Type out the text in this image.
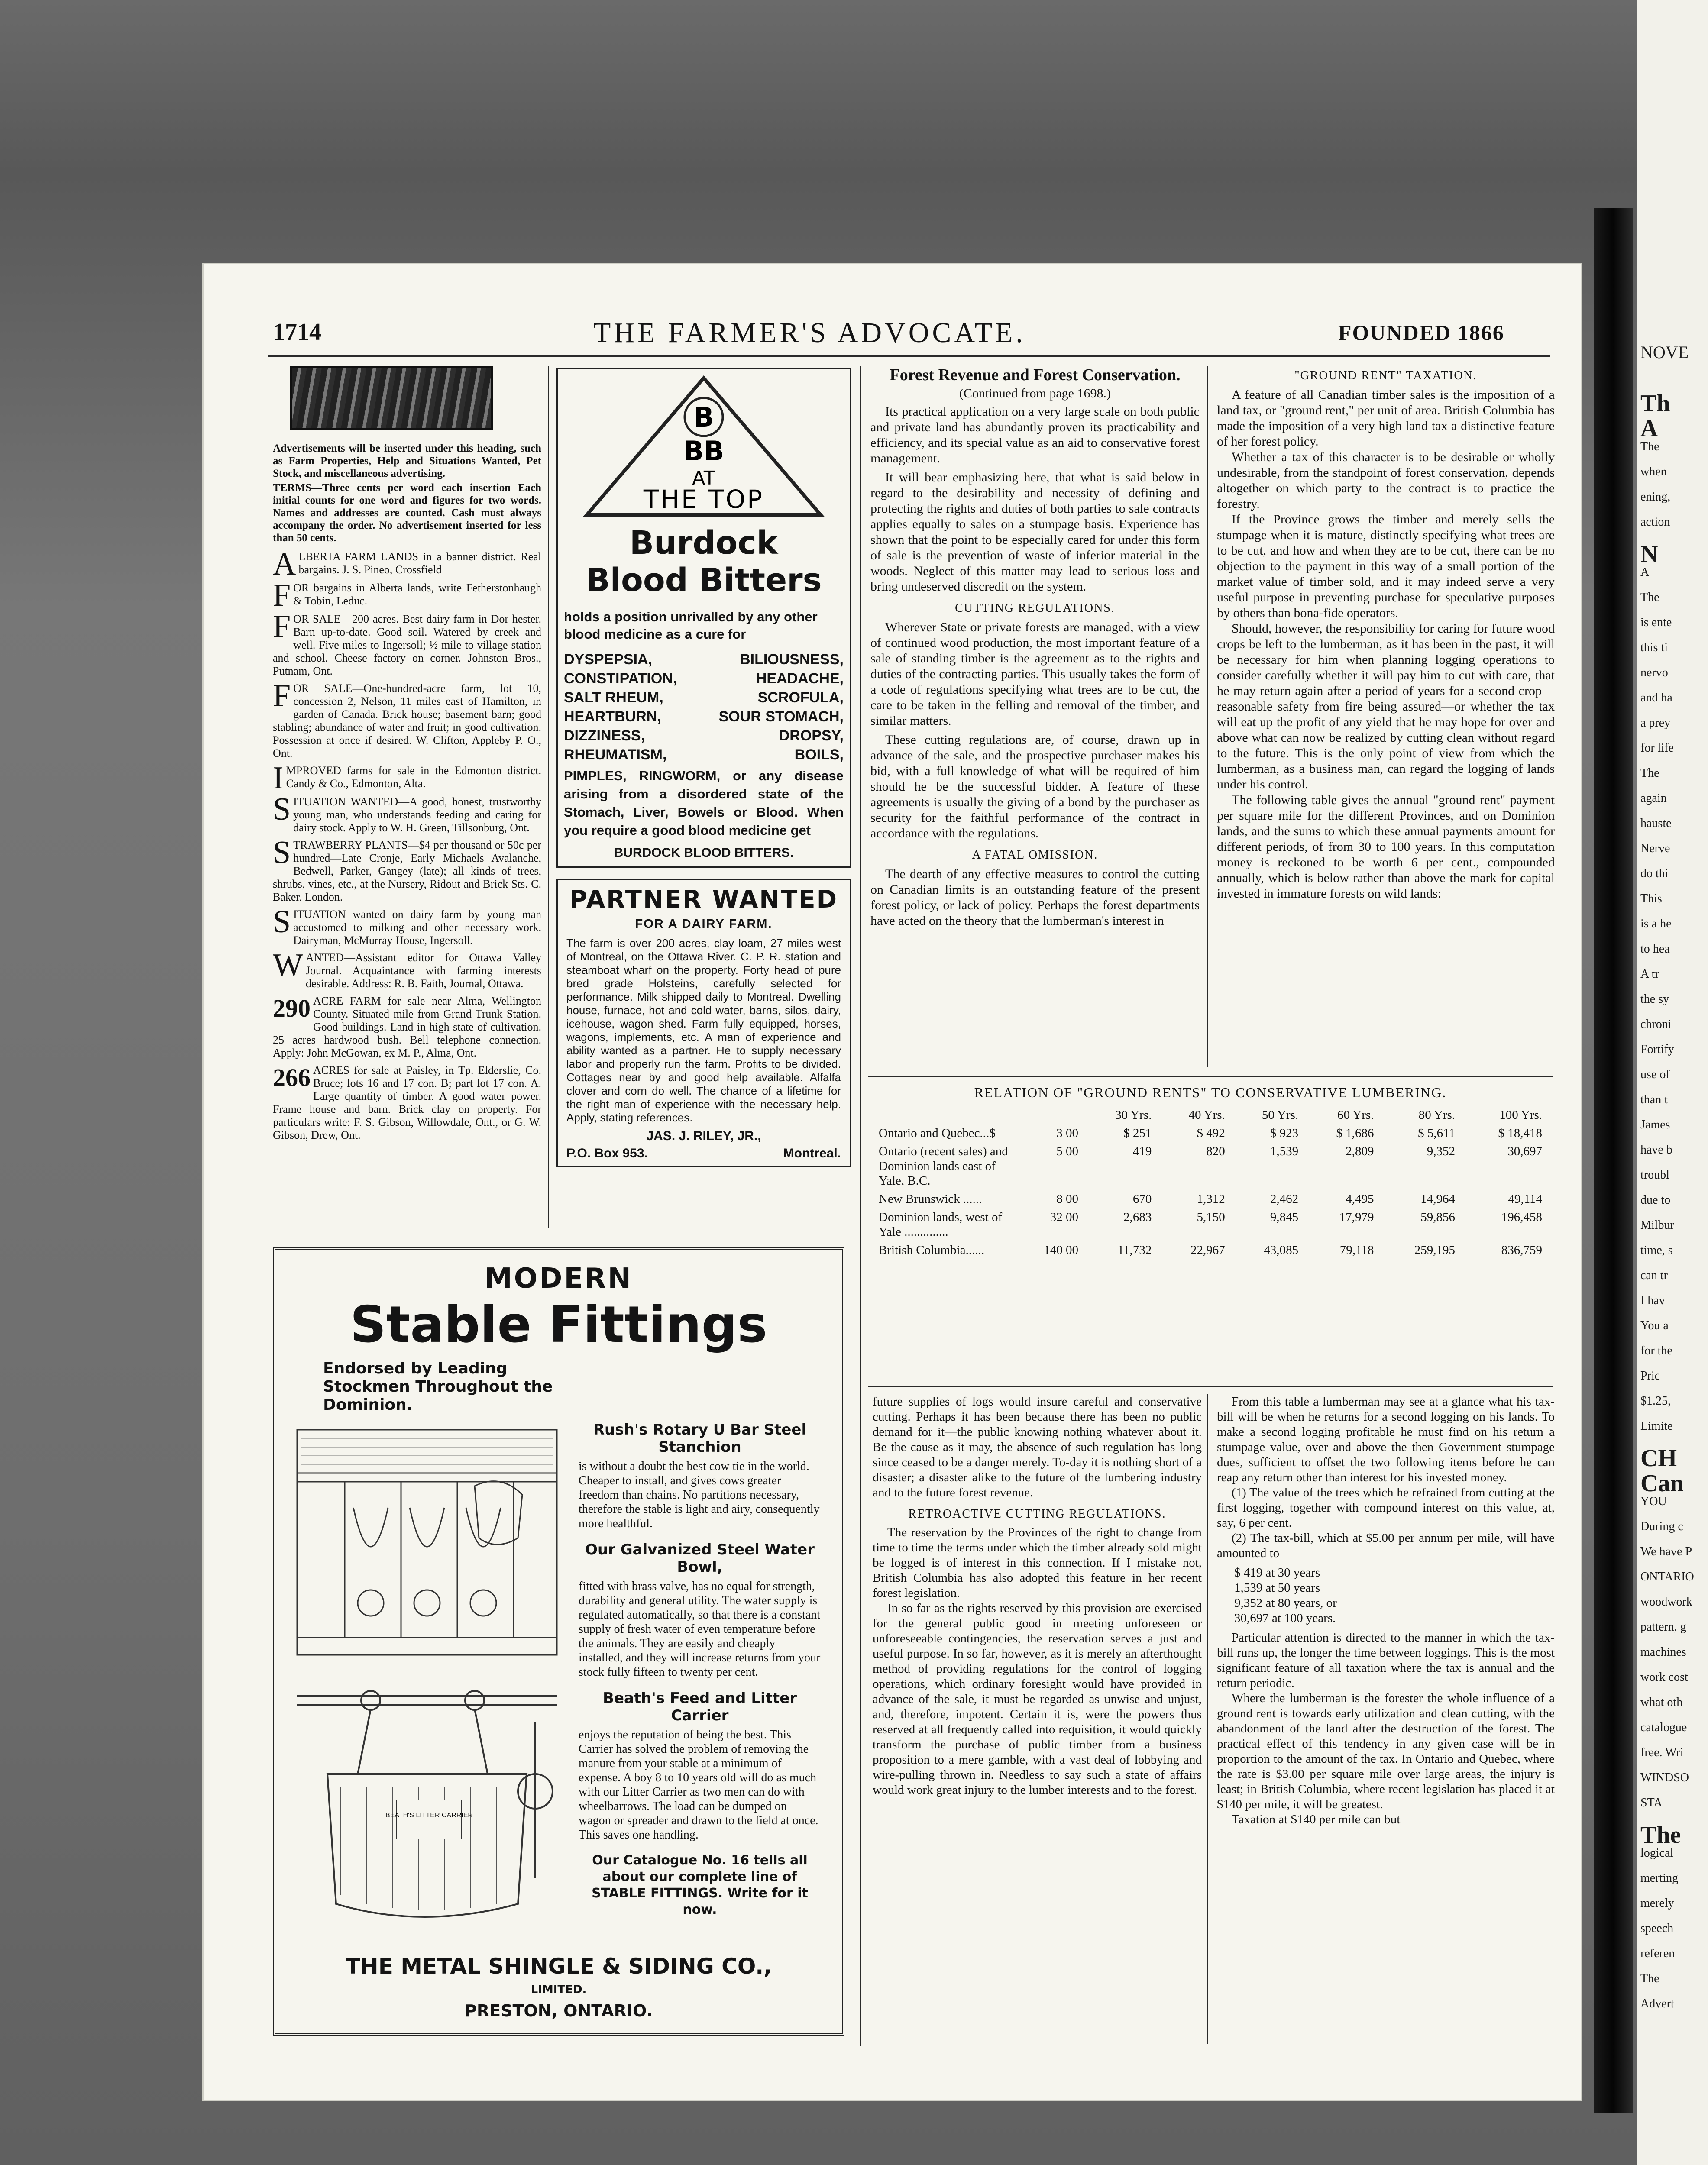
NOVE
Th
A
The
when
ening,
action
N
A
The
is ente
this ti
nervo
and ha
a prey
for life
The
again
hauste
Nerve
do thi
This
is a he
to hea
A tr
the sy
chroni
Fortify
use of
than t
James
have b
troubl
due to
Milbur
time, s
can tr
I hav
You a
for the
Pric
$1.25,
Limite
CH
Can
YOU
During c
We have P
ONTARIO
woodwork
pattern, g
machines
work cost
what oth
catalogue
free. Wri
WINDSO
STA
The
logical
merting
merely
speech
referen
The
Advert
1714	THE FARMER'S ADVOCATE.	FOUNDED 1866
Advertisements will be inserted under this heading, such as Farm Properties, Help and Situations Wanted, Pet Stock, and miscellaneous advertising.
TERMS—Three cents per word each insertion Each initial counts for one word and figures for two words. Names and addresses are counted. Cash must always accompany the order. No advertisement inserted for less than 50 cents.
ALBERTA FARM LANDS in a banner district. Real bargains. J. S. Pineo, Crossfield
FOR bargains in Alberta lands, write Fetherstonhaugh & Tobin, Leduc.
FOR SALE—200 acres. Best dairy farm in Dor hester. Barn up-to-date. Good soil. Watered by creek and well. Five miles to Ingersoll; ½ mile to village station and school. Cheese factory on corner. Johnston Bros., Putnam, Ont.
FOR SALE—One-hundred-acre farm, lot 10, concession 2, Nelson, 11 miles east of Hamilton, in garden of Canada. Brick house; basement barn; good stabling; abundance of water and fruit; in good cultivation. Possession at once if desired. W. Clifton, Appleby P. O., Ont.
IMPROVED farms for sale in the Edmonton district. Candy & Co., Edmonton, Alta.
SITUATION WANTED—A good, honest, trustworthy young man, who understands feeding and caring for dairy stock. Apply to W. H. Green, Tillsonburg, Ont.
STRAWBERRY PLANTS—$4 per thousand or 50c per hundred—Late Cronje, Early Michaels Avalanche, Bedwell, Parker, Gangey (late); all kinds of trees, shrubs, vines, etc., at the Nursery, Ridout and Brick Sts. C. Baker, London.
SITUATION wanted on dairy farm by young man accustomed to milking and other necessary work. Dairyman, McMurray House, Ingersoll.
WANTED—Assistant editor for Ottawa Valley Journal. Acquaintance with farming interests desirable. Address: R. B. Faith, Journal, Ottawa.
290 ACRE FARM for sale near Alma, Wellington County. Situated mile from Grand Trunk Station. Good buildings. Land in high state of cultivation. 25 acres hardwood bush. Bell telephone connection. Apply: John McGowan, ex M. P., Alma, Ont.
266 ACRES for sale at Paisley, in Tp. Elderslie, Co. Bruce; lots 16 and 17 con. B; part lot 17 con. A. Large quantity of timber. A good water power. Frame house and barn. Brick clay on property. For particulars write: F. S. Gibson, Willowdale, Ont., or G. W. Gibson, Drew, Ont.
B
BB
AT
THE TOP
Burdock
Blood Bitters
holds a position unrivalled by any other blood medicine as a cure for
DYSPEPSIA,	BILIOUSNESS,
CONSTIPATION,	HEADACHE,
SALT RHEUM,	SCROFULA,
HEARTBURN,	SOUR STOMACH,
DIZZINESS,	DROPSY,
RHEUMATISM,	BOILS,
PIMPLES, RINGWORM, or any disease arising from a disordered state of the Stomach, Liver, Bowels or Blood. When you require a good blood medicine get
BURDOCK BLOOD BITTERS.
PARTNER WANTED
FOR A DAIRY FARM.
The farm is over 200 acres, clay loam, 27 miles west of Montreal, on the Ottawa River. C. P. R. station and steamboat wharf on the property. Forty head of pure bred grade Holsteins, carefully selected for performance. Milk shipped daily to Montreal. Dwelling house, furnace, hot and cold water, barns, silos, dairy, icehouse, wagon shed. Farm fully equipped, horses, wagons, implements, etc. A man of experience and ability wanted as a partner. He to supply necessary labor and properly run the farm. Profits to be divided. Cottages near by and good help available. Alfalfa clover and corn do well. The chance of a lifetime for the right man of experience with the necessary help. Apply, stating references.
JAS. J. RILEY, JR.,
P.O. Box 953.	Montreal.
MODERN
Stable Fittings
Endorsed by Leading Stockmen Throughout the Dominion.

BEATH'S LITTER CARRIER
Rush's Rotary U Bar Steel Stanchion
is without a doubt the best cow tie in the world. Cheaper to install, and gives cows greater freedom than chains. No partitions necessary, therefore the stable is light and airy, consequently more healthful.
Our Galvanized Steel Water Bowl,
fitted with brass valve, has no equal for strength, durability and general utility. The water supply is regulated automatically, so that there is a constant supply of fresh water of even temperature before the animals. They are easily and cheaply installed, and they will increase returns from your stock fully fifteen to twenty per cent.
Beath's Feed and Litter Carrier
enjoys the reputation of being the best. This Carrier has solved the problem of removing the manure from your stable at a minimum of expense. A boy 8 to 10 years old will do as much with our Litter Carrier as two men can do with wheelbarrows. The load can be dumped on wagon or spreader and drawn to the field at once. This saves one handling.
Our Catalogue No. 16 tells all about our complete line of STABLE FITTINGS. Write for it now.
THE METAL SHINGLE & SIDING CO.,
LIMITED.
PRESTON, ONTARIO.
Forest Revenue and Forest Conservation.
(Continued from page 1698.)

Its practical application on a very large scale on both public and private land has abundantly proven its practicability and efficiency, and its special value as an aid to conservative forest management.

It will bear emphasizing here, that what is said below in regard to the desirability and necessity of defining and protecting the rights and duties of both parties to sale contracts applies equally to sales on a stumpage basis. Experience has shown that the point to be especially cared for under this form of sale is the prevention of waste of inferior material in the woods. Neglect of this matter may lead to serious loss and bring undeserved discredit on the system.

CUTTING REGULATIONS.

Wherever State or private forests are managed, with a view of continued wood production, the most important feature of a sale of standing timber is the agreement as to the rights and duties of the contracting parties. This usually takes the form of a code of regulations specifying what trees are to be cut, the care to be taken in the felling and removal of the timber, and similar matters.

These cutting regulations are, of course, drawn up in advance of the sale, and the prospective purchaser makes his bid, with a full knowledge of what will be required of him should he be the successful bidder. A feature of these agreements is usually the giving of a bond by the purchaser as security for the faithful performance of the contract in accordance with the regulations.

A FATAL OMISSION.

The dearth of any effective measures to control the cutting on Canadian limits is an outstanding feature of the present forest policy, or lack of policy. Perhaps the forest departments have acted on the theory that the lumberman's interest in

"GROUND RENT" TAXATION.

A feature of all Canadian timber sales is the imposition of a land tax, or "ground rent," per unit of area. British Columbia has made the imposition of a very high land tax a distinctive feature of her forest policy.

Whether a tax of this character is to be desirable or wholly undesirable, from the standpoint of forest conservation, depends altogether on which party to the contract is to practice the forestry.

If the Province grows the timber and merely sells the stumpage when it is mature, distinctly specifying what trees are to be cut, and how and when they are to be cut, there can be no objection to the payment in this way of a small portion of the market value of timber sold, and it may indeed serve a very useful purpose in preventing purchase for speculative purposes by others than bona-fide operators.

Should, however, the responsibility for caring for future wood crops be left to the lumberman, as it has been in the past, it will be necessary for him when planning logging operations to consider carefully whether it will pay him to cut with care, that he may return again after a period of years for a second crop—reasonable safety from fire being assured—or whether the tax will eat up the profit of any yield that he may hope for over and above what can now be realized by cutting clean without regard to the future. This is the only point of view from which the lumberman, as a business man, can regard the logging of lands under his control.

The following table gives the annual "ground rent" payment per square mile for the different Provinces, and on Dominion lands, and the sums to which these annual payments amount for different periods, of from 30 to 100 years. In this computation money is reckoned to be worth 6 per cent., compounded annually, which is below rather than above the mark for capital invested in immature forests on wild lands:

RELATION OF "GROUND RENTS" TO CONSERVATIVE LUMBERING.
		30 Yrs.	40 Yrs.	50 Yrs.	60 Yrs.	80 Yrs.	100 Yrs.
Ontario and Quebec...$	3 00	$ 251	$ 492	$ 923	$ 1,686	$ 5,611	$ 18,418
Ontario (recent sales) and Dominion lands east of Yale, B.C.	5 00	419	820	1,539	2,809	9,352	30,697
New Brunswick ......	8 00	670	1,312	2,462	4,495	14,964	49,114
Dominion lands, west of Yale ..............	32 00	2,683	5,150	9,845	17,979	59,856	196,458
British Columbia......	140 00	11,732	22,967	43,085	79,118	259,195	836,759

future supplies of logs would insure careful and conservative cutting. Perhaps it has been because there has been no public demand for it—the public knowing nothing whatever about it. Be the cause as it may, the absence of such regulation has long since ceased to be a danger merely. To-day it is nothing short of a disaster; a disaster alike to the future of the lumbering industry and to the future forest revenue.

RETROACTIVE CUTTING REGULATIONS.

The reservation by the Provinces of the right to change from time to time the terms under which the timber already sold might be logged is of interest in this connection. If I mistake not, British Columbia has also adopted this feature in her recent forest legislation.

In so far as the rights reserved by this provision are exercised for the general public good in meeting unforeseen or unforeseeable contingencies, the reservation serves a just and useful purpose. In so far, however, as it is merely an afterthought method of providing regulations for the control of logging operations, which ordinary foresight would have provided in advance of the sale, it must be regarded as unwise and unjust, and, therefore, impotent. Certain it is, were the powers thus reserved at all frequently called into requisition, it would quickly transform the purchase of public timber from a business proposition to a mere gamble, with a vast deal of lobbying and wire-pulling thrown in. Needless to say such a state of affairs would work great injury to the lumber interests and to the forest.

From this table a lumberman may see at a glance what his tax-bill will be when he returns for a second logging on his lands. To make a second logging profitable he must find on his return a stumpage value, over and above the then Government stumpage dues, sufficient to offset the two following items before he can reap any return other than interest for his invested money.

(1) The value of the trees which he refrained from cutting at the first logging, together with compound interest on this value, at, say, 6 per cent.

(2) The tax-bill, which at $5.00 per annum per mile, will have amounted to

$ 419 at 30 years
1,539 at 50 years
9,352 at 80 years, or
30,697 at 100 years.

Particular attention is directed to the manner in which the tax-bill runs up, the longer the time between loggings. This is the most significant feature of all taxation where the tax is annual and the return periodic.

Where the lumberman is the forester the whole influence of a ground rent is towards early utilization and clean cutting, with the abandonment of the land after the destruction of the forest. The practical effect of this tendency in any given case will be in proportion to the amount of the tax. In Ontario and Quebec, where the rate is $3.00 per square mile over large areas, the injury is least; in British Columbia, where recent legislation has placed it at $140 per mile, it will be greatest.

Taxation at $140 per mile can but
